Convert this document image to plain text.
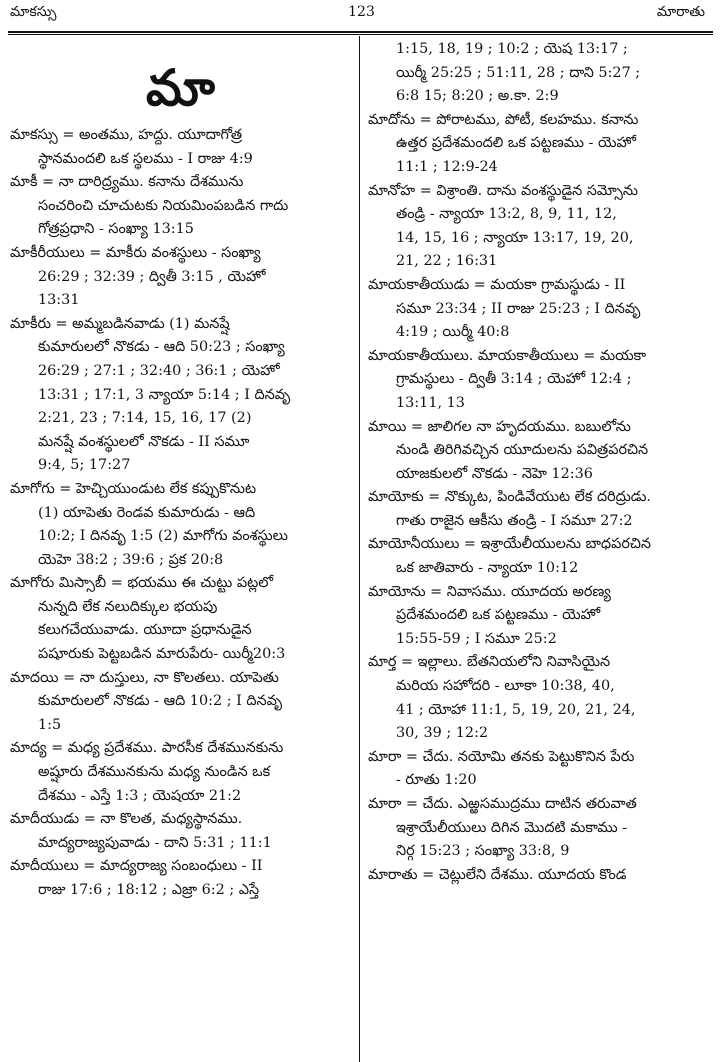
మాకస్సు	123	మారాతు
మా
మాకస్సు = అంతము, హద్దు. యూదాగోత్ర
స్థానమందలి ఒక స్థలము - I రాజు 4:9
మాకీ = నా దారిద్ర్యము. కనాను దేశమును
సంచరించి చూచుటకు నియమింపబడిన గాదు
గోత్రప్రధాని - సంఖ్యా 13:15
మాకీరీయులు = మాకీరు వంశస్థులు - సంఖ్యా
26:29 ; 32:39 ; ద్వితీ 3:15 , యెహో
13:31
మాకీరు = అమ్మబడినవాడు (1) మనష్షే
కుమారులలో నొకడు - ఆది 50:23 ; సంఖ్యా
26:29 ; 27:1 ; 32:40 ; 36:1 ; యెహో
13:31 ; 17:1, 3 న్యాయా 5:14 ; I దినవృ
2:21, 23 ; 7:14, 15, 16, 17 (2)
మనష్షే వంశస్థులలో నొకడు - II సమూ
9:4, 5; 17:27
మాగోగు = హెచ్చియుండుట లేక కప్పుకొనుట
(1) యాపెతు రెండవ కుమారుడు - ఆది
10:2; I దినవృ 1:5 (2) మాగోగు వంశస్థులు
యెహె 38:2 ; 39:6 ; ప్రక 20:8
మాగోరు మిస్సాబీ = భయము ఈ చుట్టు పట్లలో
నున్నది లేక నలుదిక్కుల భయపు
కలుగచేయువాడు. యూదా ప్రధానుడైన
పషూరుకు పెట్టబడిన మారుపేరు- యిర్మీ20:3
మాదయి = నా దుస్తులు, నా కొలతలు. యాపెతు
కుమారులలో నొకడు - ఆది 10:2 ; I దినవృ
1:5
మాద్య = మధ్య ప్రదేశము. పారసీక దేశమునకును
అష్షూరు దేశమునకును మధ్య నుండిన ఒక
దేశము - ఎస్తే 1:3 ; యెషయా 21:2
మాదీయుడు = నా కొలత, మధ్యస్థానము.
మాద్యరాజ్యపువాడు - దాని 5:31 ; 11:1
మాదీయులు = మాద్యరాజ్య సంబంధులు - II
రాజు 17:6 ; 18:12 ; ఎజ్రా 6:2 ; ఎస్తే
1:15, 18, 19 ; 10:2 ; యెష 13:17 ;
యిర్మీ 25:25 ; 51:11, 28 ; దాని 5:27 ;
6:8 15; 8:20 ; అ.కా. 2:9
మాదోను = పోరాటము, పోటీ, కలహము. కనాను
ఉత్తర ప్రదేశమందలి ఒక పట్టణము - యెహో
11:1 ; 12:9-24
మానోహ = విశ్రాంతి. దాను వంశస్థుడైన సమ్సోను
తండ్రి - న్యాయా 13:2, 8, 9, 11, 12,
14, 15, 16 ; న్యాయా 13:17, 19, 20,
21, 22 ; 16:31
మాయకాతీయుడు = మయకా గ్రామస్థుడు - II
సమూ 23:34 ; II రాజు 25:23 ; I దినవృ
4:19 ; యిర్మీ 40:8
మాయకాతీయులు. మాయకాతీయులు = మయకా
గ్రామస్థులు - ద్వితీ 3:14 ; యెహో 12:4 ;
13:11, 13
మాయి = జాలిగల నా హృదయము. బబులోను
నుండి తిరిగివచ్చిన యూదులను పవిత్రపరచిన
యాజకులలో నొకడు - నెహె 12:36
మాయోకు = నొక్కుట, పిండివేయుట లేక దరిద్రుడు.
గాతు రాజైన ఆకీసు తండ్రి - I సమూ 27:2
మాయోనీయులు = ఇశ్రాయేలీయులను బాధపరచిన
ఒక జాతివారు - న్యాయా 10:12
మాయోను = నివాసము. యూదయ అరణ్య
ప్రదేశమందలి ఒక పట్టణము - యెహో
15:55-59 ; I సమూ 25:2
మార్త = ఇల్లాలు. బేతనియలోని నివాసియైన
మరియ సహోదరి - లూకా 10:38, 40,
41 ; యోహా 11:1, 5, 19, 20, 21, 24,
30, 39 ; 12:2
మారా = చేదు. నయోమి తనకు పెట్టుకొనిన పేరు
- రూతు 1:20
మారా = చేదు. ఎఱ్ఱసముద్రము దాటిన తరువాత
ఇశ్రాయేలీయులు దిగిన మొదటి మకాము -
నిర్గ 15:23 ; సంఖ్యా 33:8, 9
మారాతు = చెట్లులేని దేశము. యూదయ కొండ
